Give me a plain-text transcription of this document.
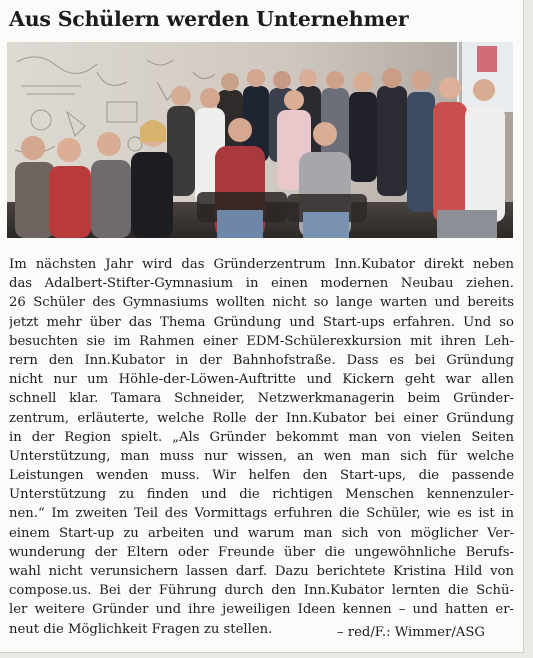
Aus Schülern werden Unternehmer
Im nächsten Jahr wird das Gründerzentrum Inn.Kubator direkt neben
das Adalbert-Stifter-Gymnasium in einen modernen Neubau ziehen.
26 Schüler des Gymnasiums wollten nicht so lange warten und bereits
jetzt mehr über das Thema Gründung und Start-ups erfahren. Und so
besuchten sie im Rahmen einer EDM-Schülerexkursion mit ihren Leh-
rern den Inn.Kubator in der Bahnhofstraße. Dass es bei Gründung
nicht nur um Höhle-der-Löwen-Auftritte und Kickern geht war allen
schnell klar. Tamara Schneider, Netzwerkmanagerin beim Gründer-
zentrum, erläuterte, welche Rolle der Inn.Kubator bei einer Gründung
in der Region spielt. „Als Gründer bekommt man von vielen Seiten
Unterstützung, man muss nur wissen, an wen man sich für welche
Leistungen wenden muss. Wir helfen den Start-ups, die passende
Unterstützung zu finden und die richtigen Menschen kennenzuler-
nen.“ Im zweiten Teil des Vormittags erfuhren die Schüler, wie es ist in
einem Start-up zu arbeiten und warum man sich von möglicher Ver-
wunderung der Eltern oder Freunde über die ungewöhnliche Berufs-
wahl nicht verunsichern lassen darf. Dazu berichtete Kristina Hild von
compose.us. Bei der Führung durch den Inn.Kubator lernten die Schü-
ler weitere Gründer und ihre jeweiligen Ideen kennen – und hatten er-
neut die Möglichkeit Fragen zu stellen.	– red/F.: Wimmer/ASG
